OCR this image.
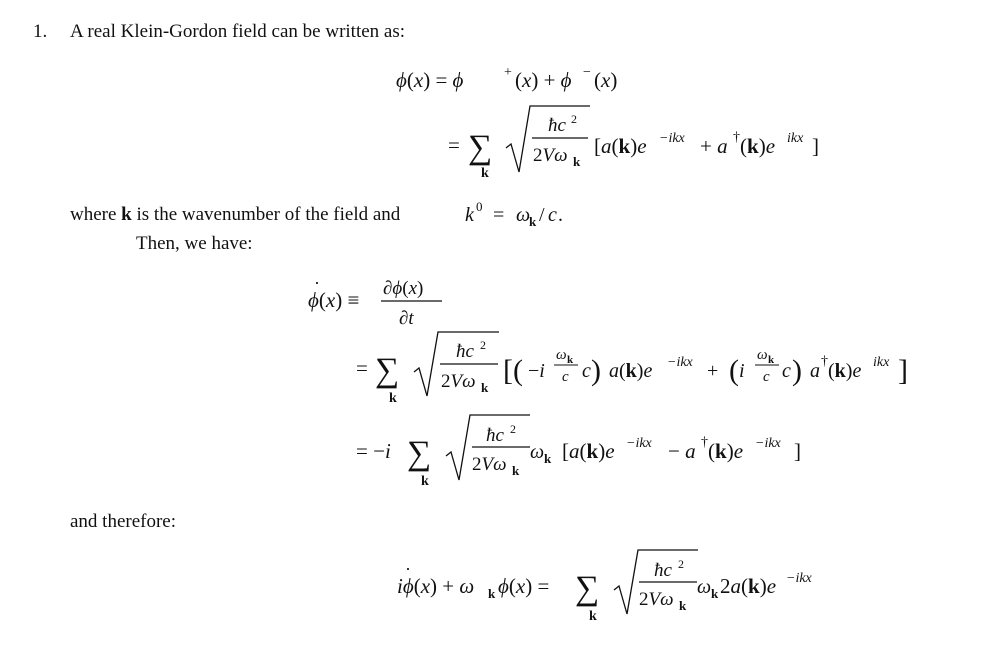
1. A real Klein-Gordon field can be written as:
where k is the wavenumber of the field and
Then, we have:
and therefore:
k 0 = ω
k / c .
ϕ(x) = ϕ	+ (x) + ϕ − (x)
= ∑
k
ħc 2
2Vω k
[a(k)e −ikx + a † (k)e ikx ]
ϕ(x) ≡
·	∂ϕ(x)
∂t
= ∑
k
ħc 2
2Vω k
[( −i
ω k
c c ) a(k)e −ikx + ( i
ω k
c c ) a † (k)e ikx ]
= −i ∑
k
ħc 2
2Vω k
ω k [a(k)e −ikx − a † (k)e −ikx ]
iϕ(x) + ω
·
k ϕ(x) = ∑
k
ħc 2
2Vω k
ω k 2a(k)e −ikx
